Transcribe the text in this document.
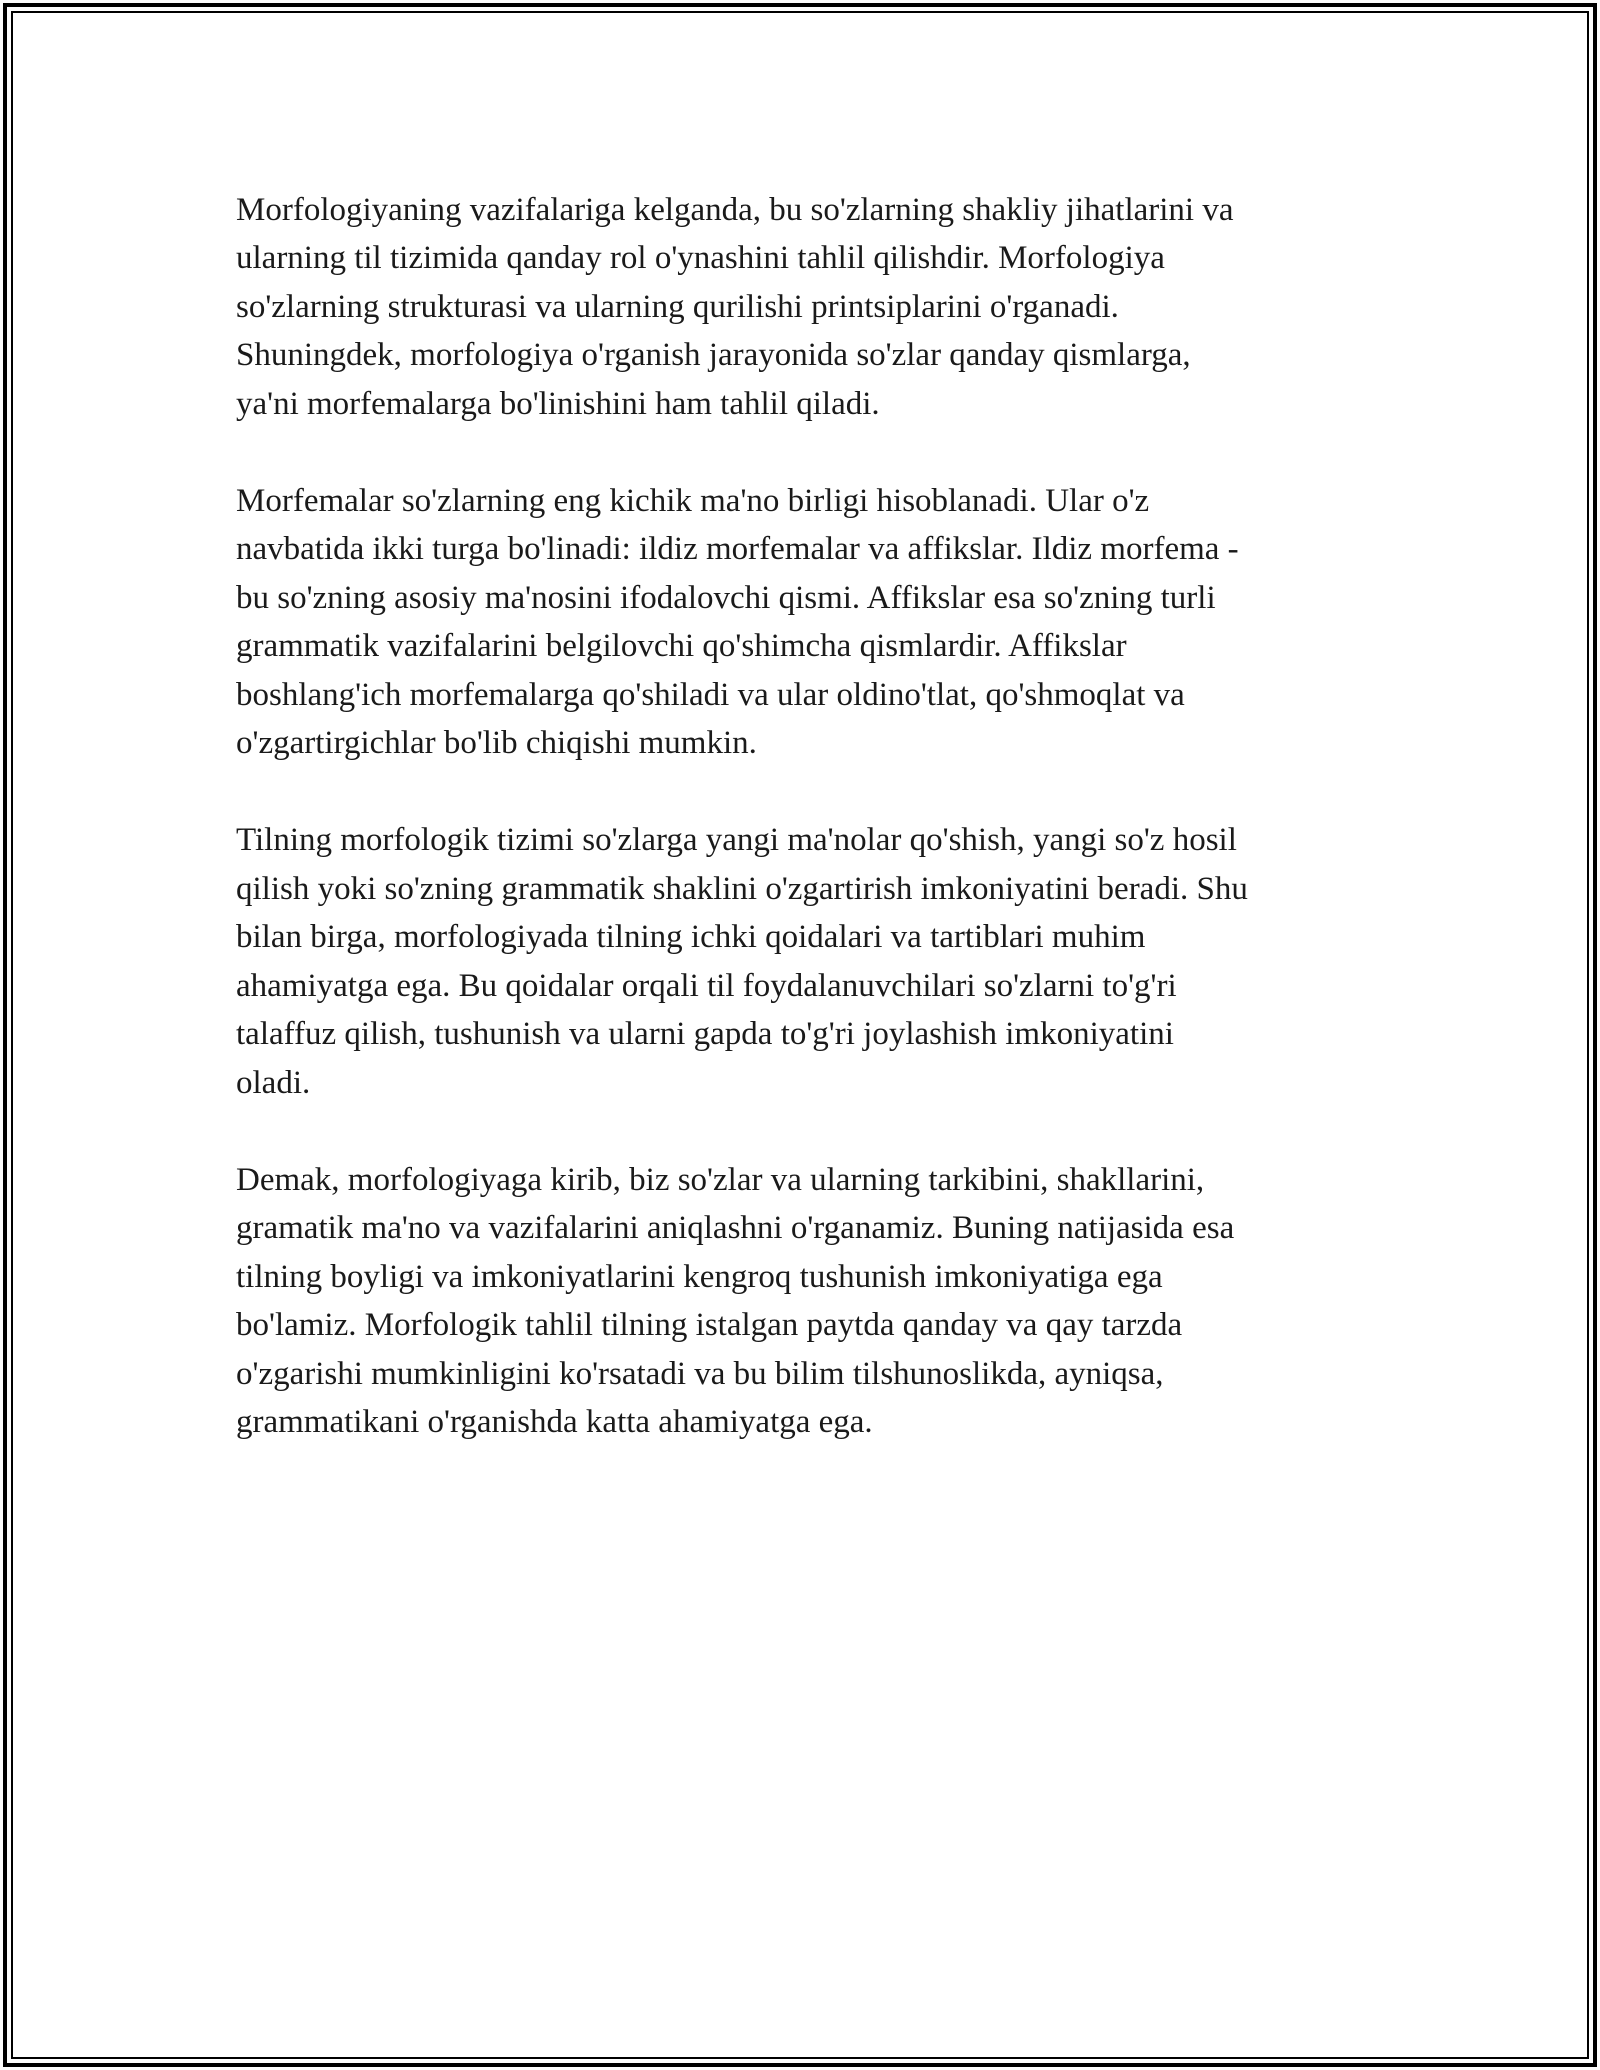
Morfologiyaning vazifalariga kelganda, bu so'zlarning shakliy jihatlarini va
ularning til tizimida qanday rol o'ynashini tahlil qilishdir. Morfologiya
so'zlarning strukturasi va ularning qurilishi printsiplarini o'rganadi.
Shuningdek, morfologiya o'rganish jarayonida so'zlar qanday qismlarga,
ya'ni morfemalarga bo'linishini ham tahlil qiladi.

Morfemalar so'zlarning eng kichik ma'no birligi hisoblanadi. Ular o'z
navbatida ikki turga bo'linadi: ildiz morfemalar va affikslar. Ildiz morfema -
bu so'zning asosiy ma'nosini ifodalovchi qismi. Affikslar esa so'zning turli
grammatik vazifalarini belgilovchi qo'shimcha qismlardir. Affikslar
boshlang'ich morfemalarga qo'shiladi va ular oldino'tlat, qo'shmoqlat va
o'zgartirgichlar bo'lib chiqishi mumkin.

Tilning morfologik tizimi so'zlarga yangi ma'nolar qo'shish, yangi so'z hosil
qilish yoki so'zning grammatik shaklini o'zgartirish imkoniyatini beradi. Shu
bilan birga, morfologiyada tilning ichki qoidalari va tartiblari muhim
ahamiyatga ega. Bu qoidalar orqali til foydalanuvchilari so'zlarni to'g'ri
talaffuz qilish, tushunish va ularni gapda to'g'ri joylashish imkoniyatini
oladi.

Demak, morfologiyaga kirib, biz so'zlar va ularning tarkibini, shakllarini,
gramatik ma'no va vazifalarini aniqlashni o'rganamiz. Buning natijasida esa
tilning boyligi va imkoniyatlarini kengroq tushunish imkoniyatiga ega
bo'lamiz. Morfologik tahlil tilning istalgan paytda qanday va qay tarzda
o'zgarishi mumkinligini ko'rsatadi va bu bilim tilshunoslikda, ayniqsa,
grammatikani o'rganishda katta ahamiyatga ega.
